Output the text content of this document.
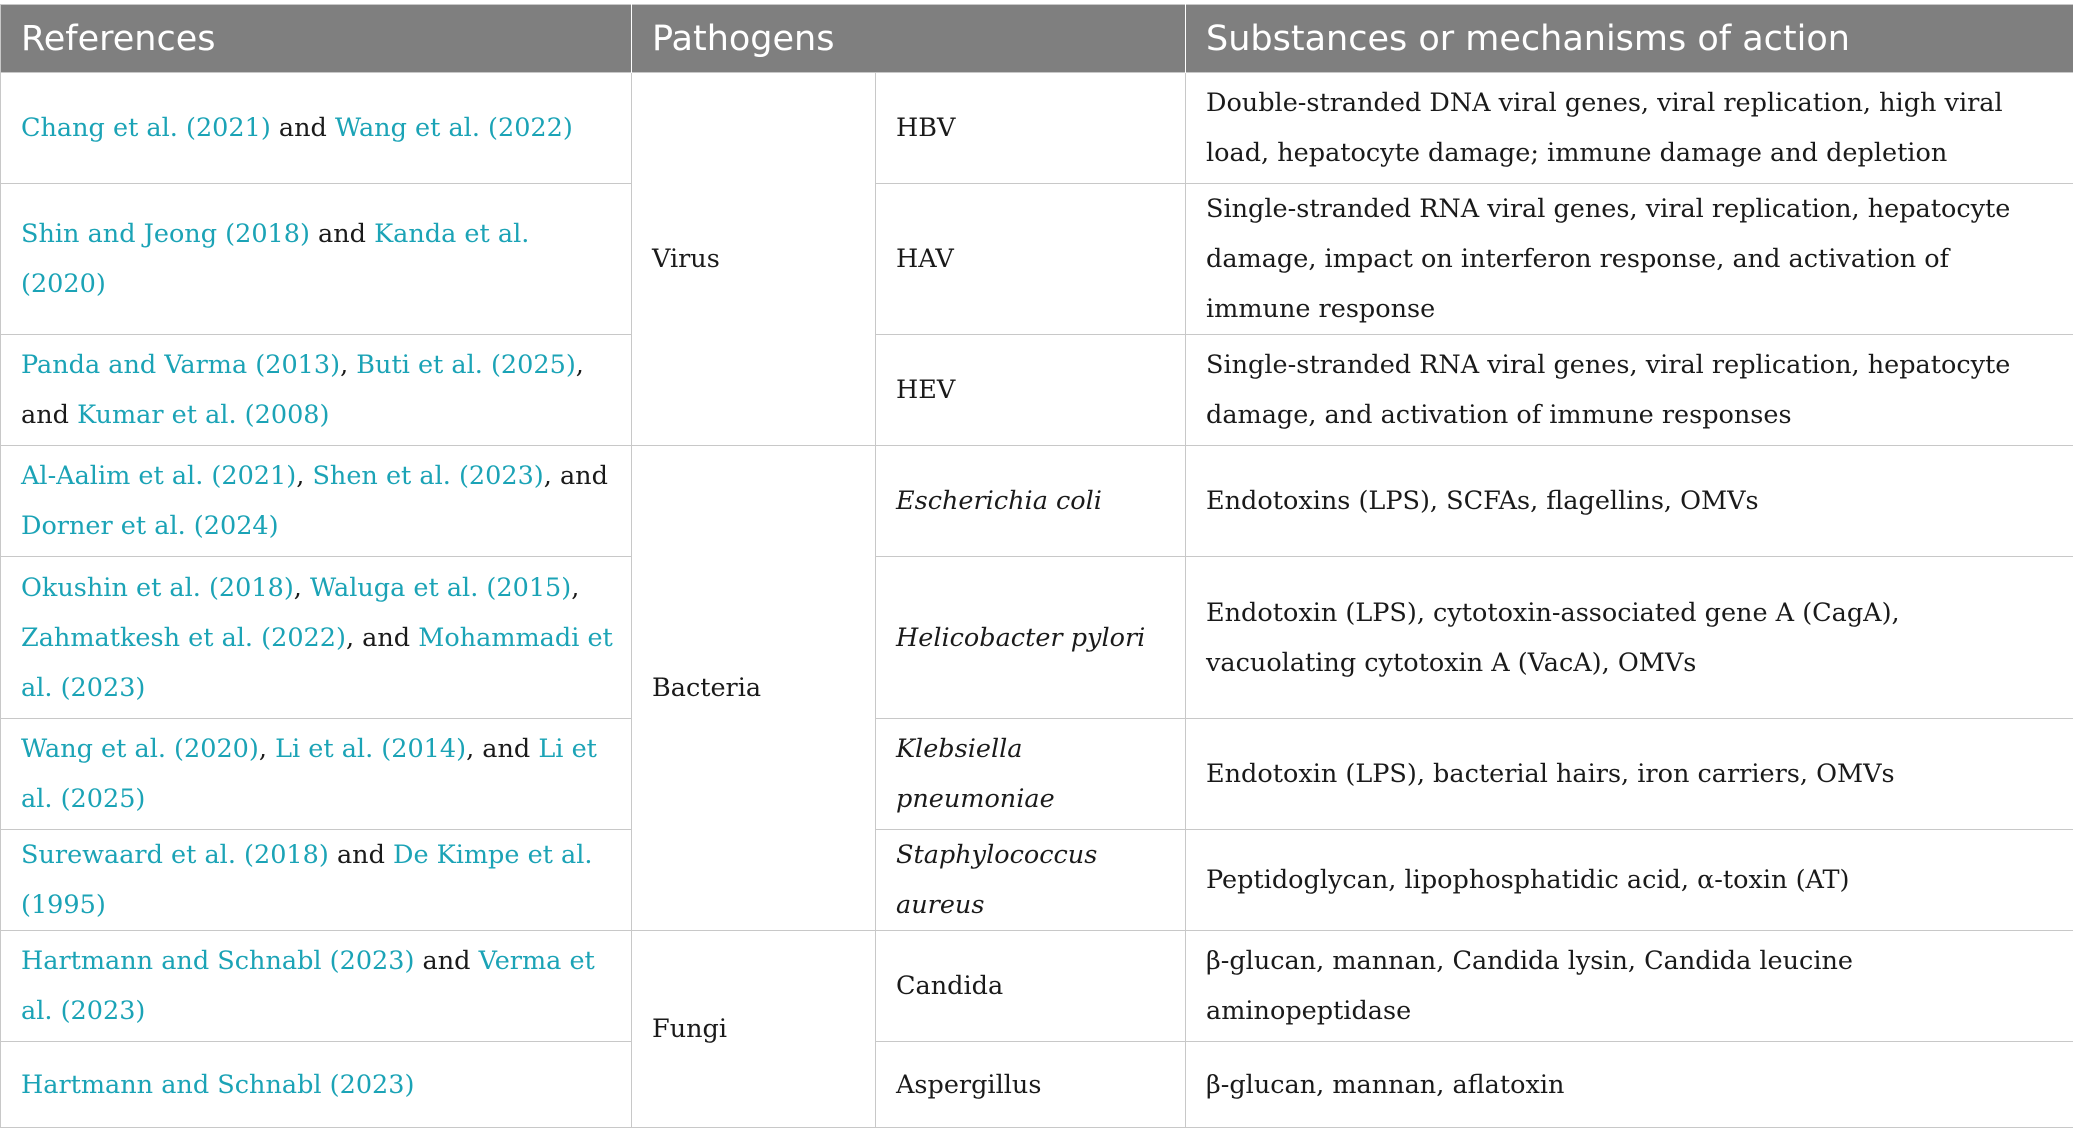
References	Pathogens		Substances or mechanisms of action
Chang et al. (2021) and Wang et al. (2022)	Virus	HBV	Double-stranded DNA viral genes, viral replication, high viral load, hepatocyte damage; immune damage and depletion
Shin and Jeong (2018) and Kanda et al. (2020)		HAV	Single-stranded RNA viral genes, viral replication, hepatocyte damage, impact on interferon response, and activation of immune response
Panda and Varma (2013), Buti et al. (2025), and Kumar et al. (2008)		HEV	Single-stranded RNA viral genes, viral replication, hepatocyte damage, and activation of immune responses
Al-Aalim et al. (2021), Shen et al. (2023), and Dorner et al. (2024)	Bacteria	Escherichia coli	Endotoxins (LPS), SCFAs, flagellins, OMVs
Okushin et al. (2018), Waluga et al. (2015), Zahmatkesh et al. (2022), and Mohammadi et al. (2023)		Helicobacter pylori	Endotoxin (LPS), cytotoxin-associated gene A (CagA), vacuolating cytotoxin A (VacA), OMVs
Wang et al. (2020), Li et al. (2014), and Li et al. (2025)		Klebsiella pneumoniae	Endotoxin (LPS), bacterial hairs, iron carriers, OMVs
Surewaard et al. (2018) and De Kimpe et al. (1995)		Staphylococcus aureus	Peptidoglycan, lipophosphatidic acid, α-toxin (AT)
Hartmann and Schnabl (2023) and Verma et al. (2023)	Fungi	Candida	β-glucan, mannan, Candida lysin, Candida leucine aminopeptidase
Hartmann and Schnabl (2023)		Aspergillus	β-glucan, mannan, aflatoxin
